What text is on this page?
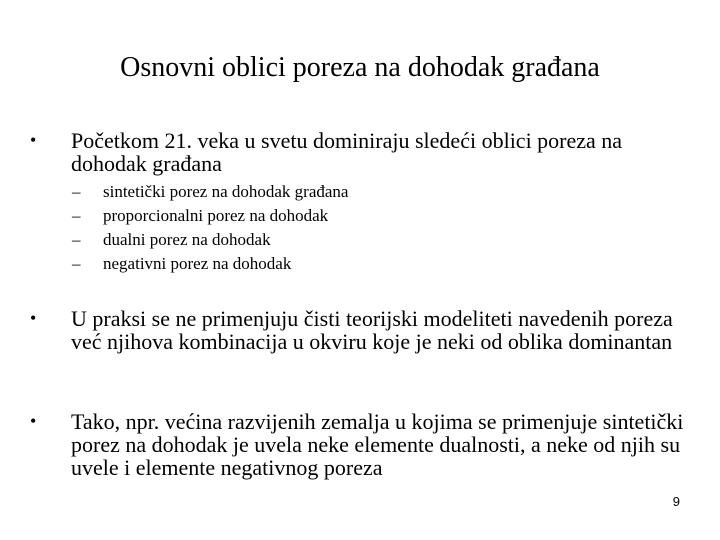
Osnovni oblici poreza na dohodak građana
•	Početkom 21. veka u svetu dominiraju sledeći oblici poreza na dohodak građana
– sintetički porez na dohodak građana
– proporcionalni porez na dohodak
– dualni porez na dohodak
– negativni porez na dohodak
•	U praksi se ne primenjuju čisti teorijski modeliteti navedenih poreza već njihova kombinacija u okviru koje je neki od oblika dominantan
•	Tako, npr. većina razvijenih zemalja u kojima se primenjuje sintetički porez na dohodak je uvela neke elemente dualnosti, a neke od njih su uvele i elemente negativnog poreza
9
